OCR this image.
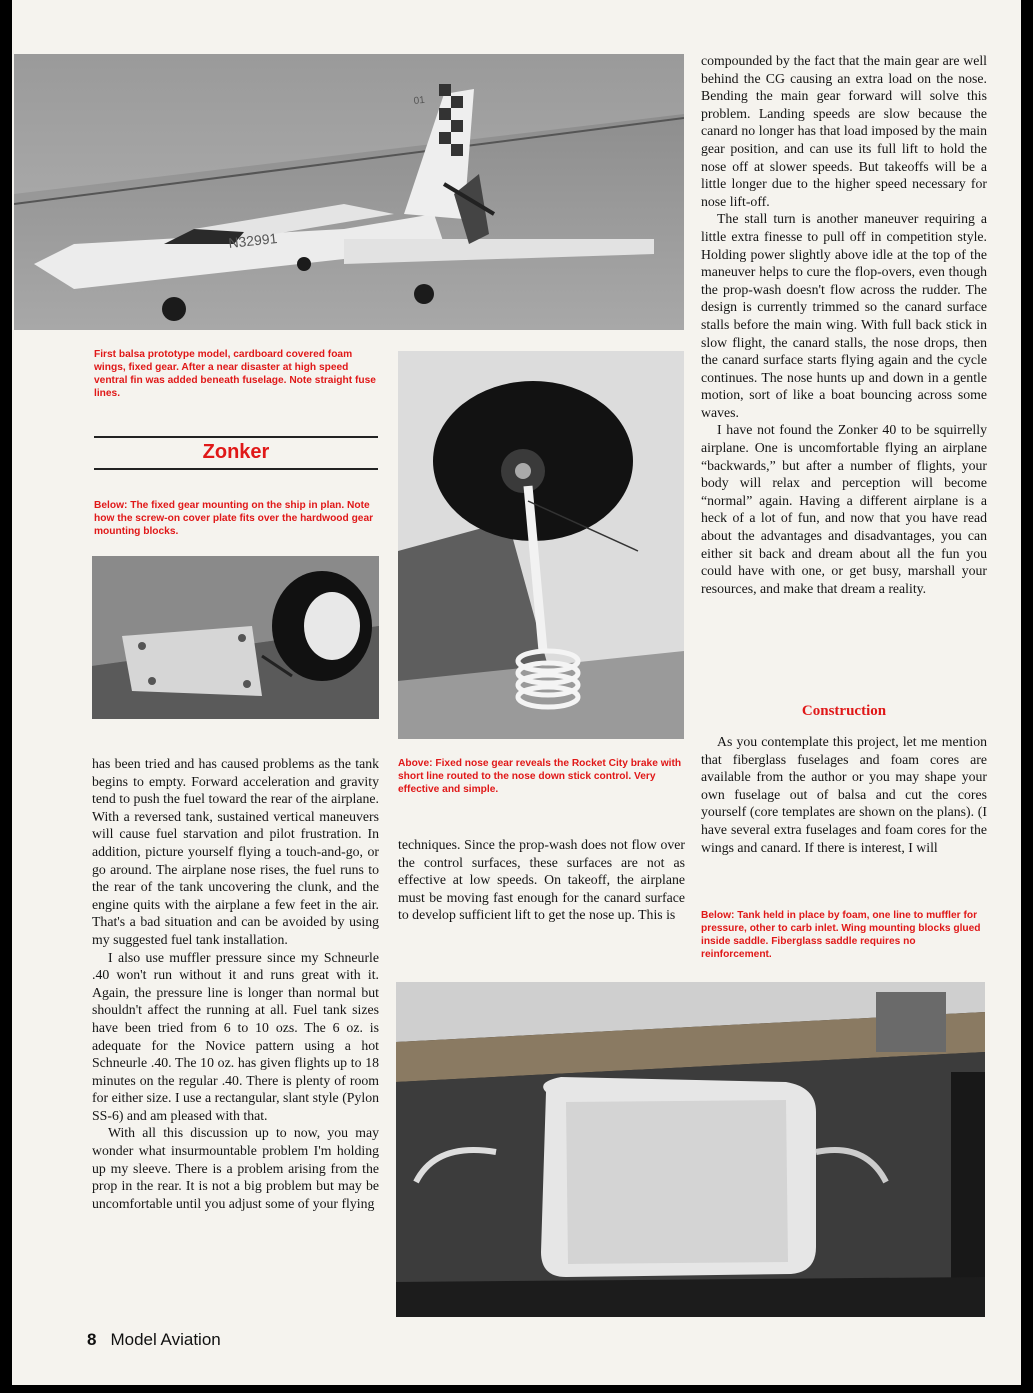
N32991
01

First balsa prototype model, cardboard covered foam wings, fixed gear. After a near disaster at high speed ventral fin was added beneath fuselage. Note straight fuse lines.

Zonker

Below: The fixed gear mounting on the ship in plan. Note how the screw-on cover plate fits over the hardwood gear mounting blocks.

Above: Fixed nose gear reveals the Rocket City brake with short line routed to the nose down stick control. Very effective and simple.

has been tried and has caused problems as the tank begins to empty. Forward acceleration and gravity tend to push the fuel toward the rear of the airplane. With a reversed tank, sustained vertical maneuvers will cause fuel starvation and pilot frustration. In addition, picture yourself flying a touch-and-go, or go around. The airplane nose rises, the fuel runs to the rear of the tank uncovering the clunk, and the engine quits with the airplane a few feet in the air. That's a bad situation and can be avoided by using my suggested fuel tank installation.

I also use muffler pressure since my Schneurle .40 won't run without it and runs great with it. Again, the pressure line is longer than normal but shouldn't affect the running at all. Fuel tank sizes have been tried from 6 to 10 ozs. The 6 oz. is adequate for the Novice pattern using a hot Schneurle .40. The 10 oz. has given flights up to 18 minutes on the regular .40. There is plenty of room for either size. I use a rectangular, slant style (Pylon SS-6) and am pleased with that.

With all this discussion up to now, you may wonder what insurmountable problem I'm holding up my sleeve. There is a problem arising from the prop in the rear. It is not a big problem but may be uncomfortable until you adjust some of your flying

techniques. Since the prop-wash does not flow over the control surfaces, these surfaces are not as effective at low speeds. On takeoff, the airplane must be moving fast enough for the canard surface to develop sufficient lift to get the nose up. This is

compounded by the fact that the main gear are well behind the CG causing an extra load on the nose. Bending the main gear forward will solve this problem. Landing speeds are slow because the canard no longer has that load imposed by the main gear position, and can use its full lift to hold the nose off at slower speeds. But takeoffs will be a little longer due to the higher speed necessary for nose lift-off.

The stall turn is another maneuver requiring a little extra finesse to pull off in competition style. Holding power slightly above idle at the top of the maneuver helps to cure the flop-overs, even though the prop-wash doesn't flow across the rudder. The design is currently trimmed so the canard surface stalls before the main wing. With full back stick in slow flight, the canard stalls, the nose drops, then the canard surface starts flying again and the cycle continues. The nose hunts up and down in a gentle motion, sort of like a boat bouncing across some waves.

I have not found the Zonker 40 to be squirrelly airplane. One is uncomfortable flying an airplane “backwards,” but after a number of flights, your body will relax and perception will become “normal” again. Having a different airplane is a heck of a lot of fun, and now that you have read about the advantages and disadvantages, you can either sit back and dream about all the fun you could have with one, or get busy, marshall your resources, and make that dream a reality.

Construction

As you contemplate this project, let me mention that fiberglass fuselages and foam cores are available from the author or you may shape your own fuselage out of balsa and cut the cores yourself (core templates are shown on the plans). (I have several extra fuselages and foam cores for the wings and canard. If there is interest, I will

Below: Tank held in place by foam, one line to muffler for pressure, other to carb inlet. Wing mounting blocks glued inside saddle. Fiberglass saddle requires no reinforcement.

8 Model Aviation
